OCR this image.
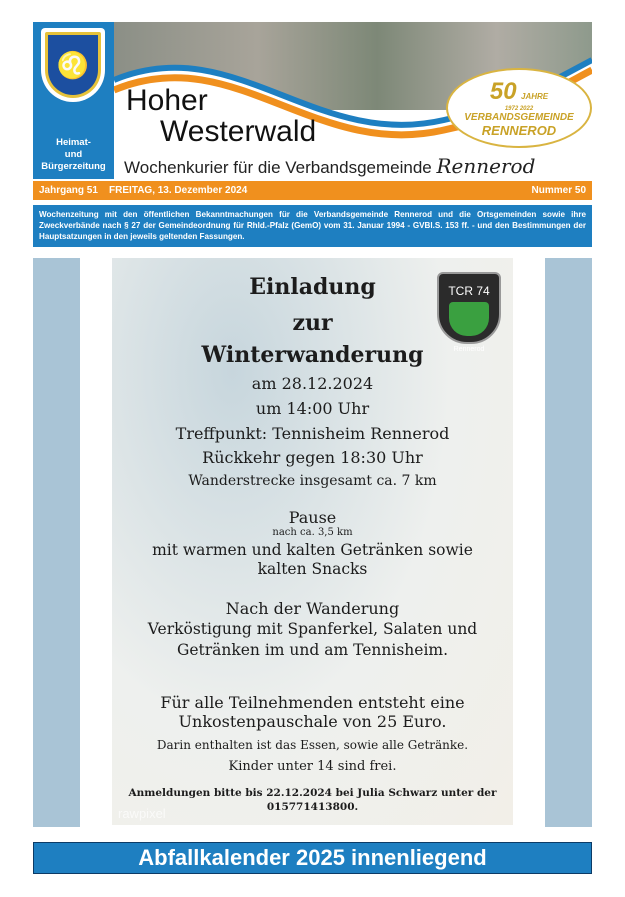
♌
Heimat-
und
Bürgerzeitung
Hoher
Westerwald
Wochenkurier für die Verbandsgemeinde Rennerod
50 JAHRE
1972 2022
VERBANDSGEMEINDE
RENNEROD
Jahrgang 51 FREITAG, 13. Dezember 2024	Nummer 50
Wochenzeitung mit den öffentlichen Bekanntmachungen für die Verbandsgemeinde Rennerod und die Ortsgemeinden sowie ihre Zweckverbände nach § 27 der Gemeindeordnung für Rhld.-Pfalz (GemO) vom 31. Januar 1994 - GVBl.S. 153 ff. - und den Bestimmungen der Hauptsatzungen in den jeweils geltenden Fassungen.
TCR 74
Rennerod
Einladung
zur
Winterwanderung
am 28.12.2024
um 14:00 Uhr
Treffpunkt: Tennisheim Rennerod
Rückkehr gegen 18:30 Uhr
Wanderstrecke insgesamt ca. 7 km
Pause
nach ca. 3,5 km
mit warmen und kalten Getränken sowie
kalten Snacks
Nach der Wanderung
Verköstigung mit Spanferkel, Salaten und
Getränken im und am Tennisheim.
Für alle Teilnehmenden entsteht eine
Unkostenpauschale von 25 Euro.
Darin enthalten ist das Essen, sowie alle Getränke.
Kinder unter 14 sind frei.
Anmeldungen bitte bis 22.12.2024 bei Julia Schwarz unter der
015771413800.
rawpixel
Abfallkalender 2025 innenliegend
